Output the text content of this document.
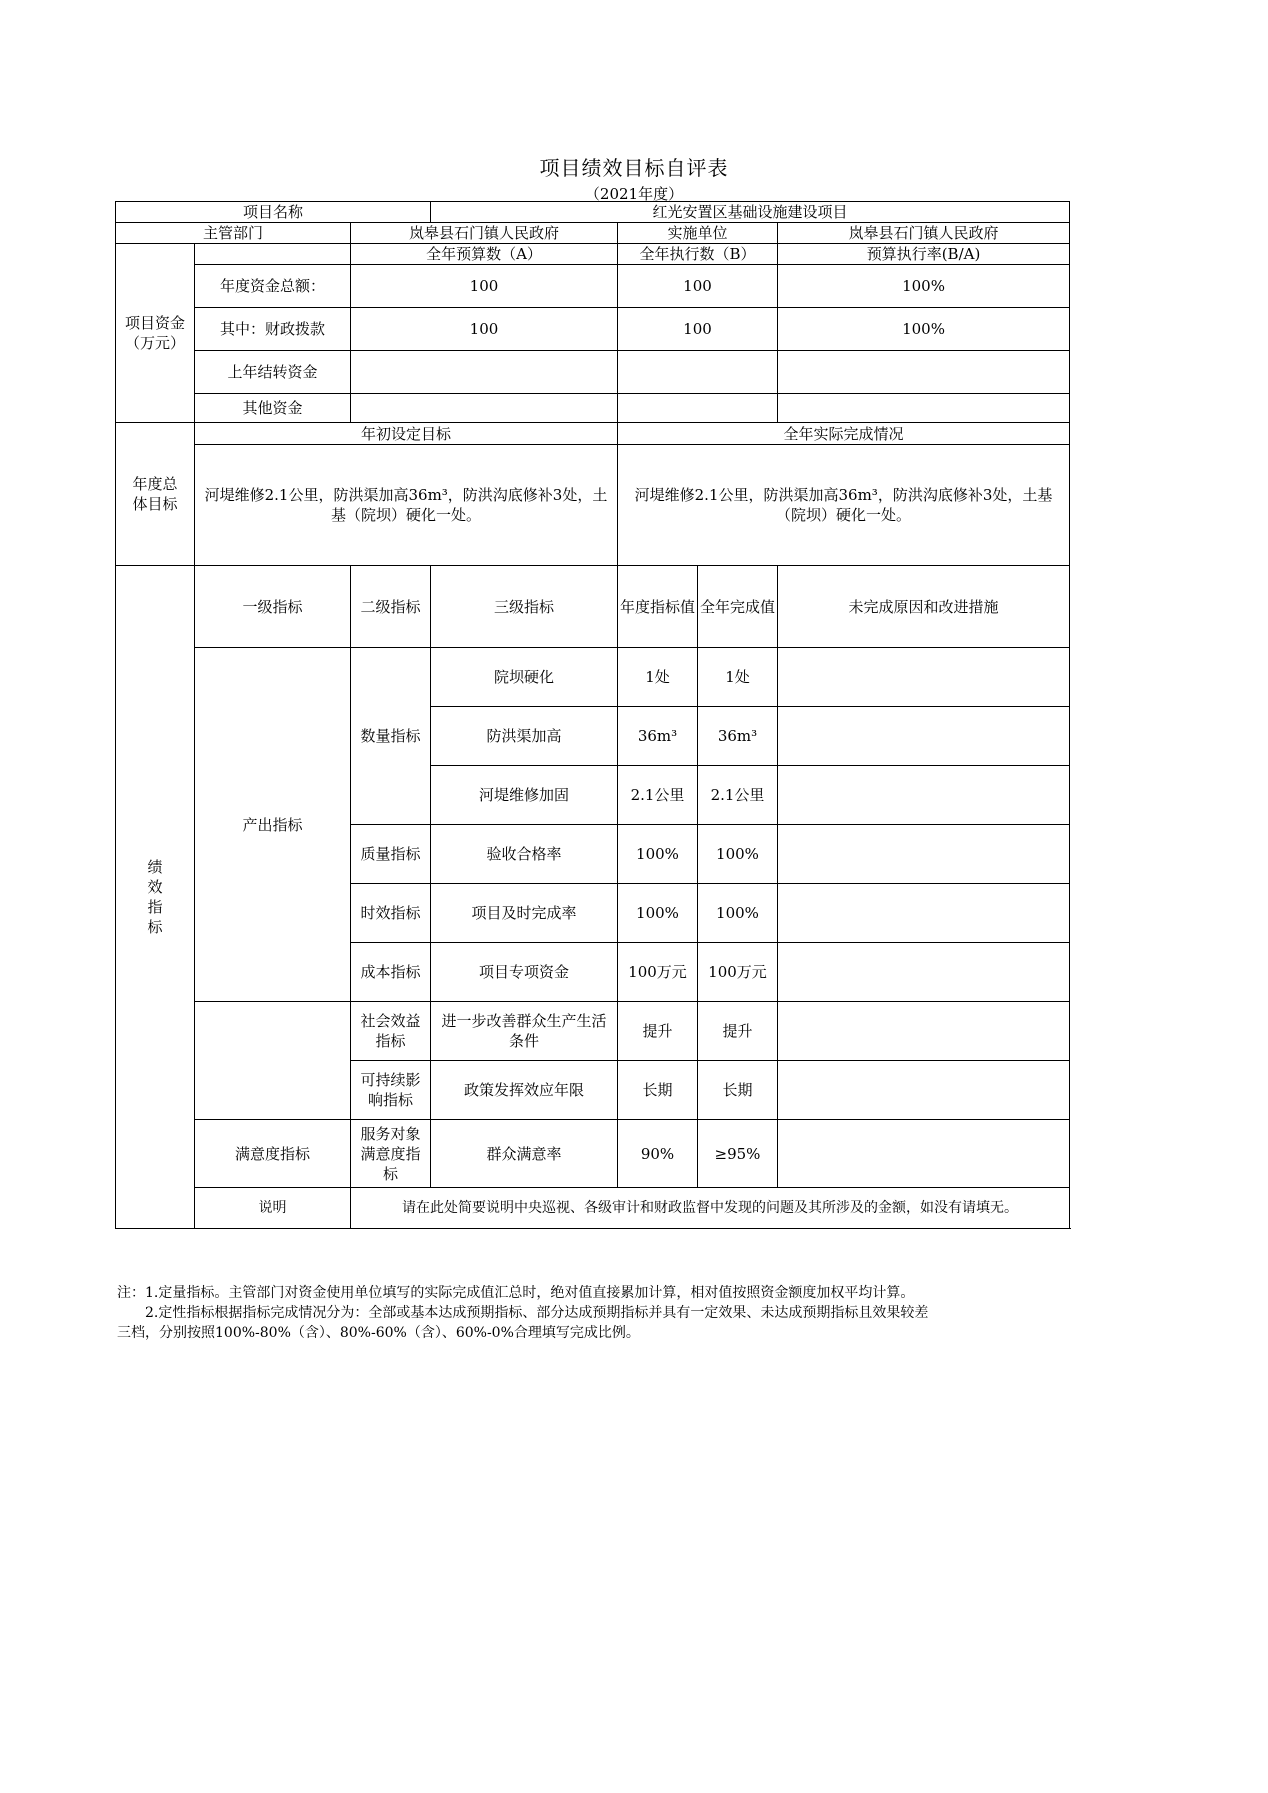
项目绩效目标自评表
（2021年度）
项目名称			红光安置区基础设施建设项目			
主管部门		岚皋县石门镇人民政府		实施单位		岚皋县石门镇人民政府
项目资金（万元）		全年预算数（A）		全年执行数（B）		预算执行率(B/A)
	年度资金总额：	100		100		100%
	其中：财政拨款	100		100		100%
	上年结转资金					
	其他资金					
年度总体目标	年初设定目标			全年实际完成情况		
	河堤维修2.1公里，防洪渠加高36m³，防洪沟底修补3处，土基（院坝）硬化一处。			河堤维修2.1公里，防洪渠加高36m³，防洪沟底修补3处，土基（院坝）硬化一处。		
绩效指标	一级指标	二级指标	三级指标	年度指标值	全年完成值	未完成原因和改进措施
	产出指标	数量指标	院坝硬化	1处	1处	
			防洪渠加高	36m³	36m³	
			河堤维修加固	2.1公里	2.1公里	
		质量指标	验收合格率	100%	100%	
		时效指标	项目及时完成率	100%	100%	
		成本指标	项目专项资金	100万元	100万元	
		社会效益指标	进一步改善群众生产生活条件	提升	提升	
		可持续影响指标	政策发挥效应年限	长期	长期	
	满意度指标	服务对象满意度指标	群众满意率	90%	≥95%	
	说明	请在此处简要说明中央巡视、各级审计和财政监督中发现的问题及其所涉及的金额，如没有请填无。				
注：1.定量指标。主管部门对资金使用单位填写的实际完成值汇总时，绝对值直接累加计算，相对值按照资金额度加权平均计算。
　　2.定性指标根据指标完成情况分为：全部或基本达成预期指标、部分达成预期指标并具有一定效果、未达成预期指标且效果较差
三档，分别按照100%-80%（含）、80%-60%（含）、60%-0%合理填写完成比例。
